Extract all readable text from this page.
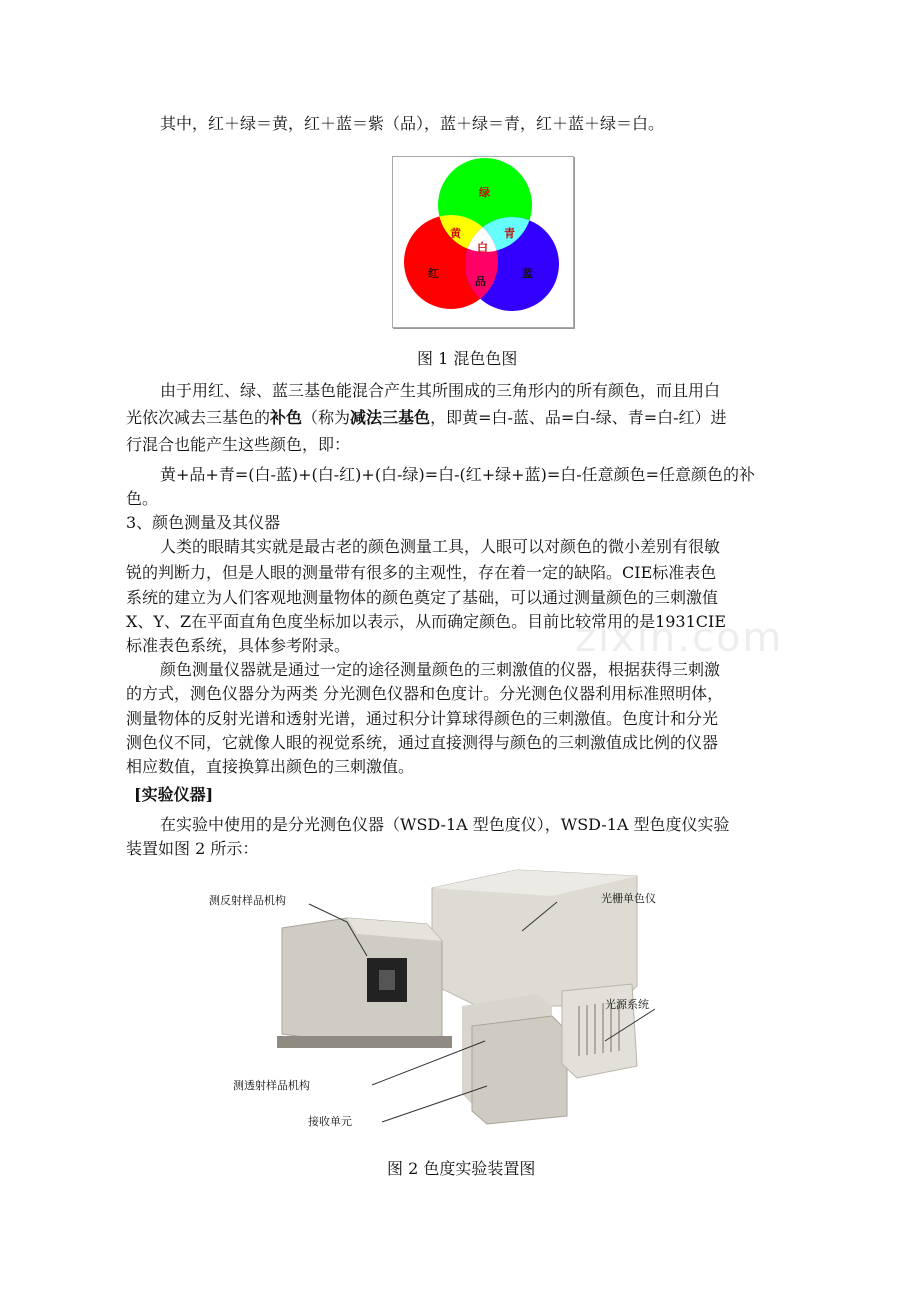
其中，红＋绿＝黄，红＋蓝＝紫（品），蓝＋绿＝青，红＋蓝＋绿＝白。
绿
黄	青
白
红
品
蓝
图 1 混色色图
由于用红、绿、蓝三基色能混合产生其所围成的三角形内的所有颜色，而且用白
光依次减去三基色的补色（称为减法三基色，即黄=白-蓝、品=白-绿、青=白-红）进
行混合也能产生这些颜色，即：
黄+品+青=(白-蓝)+(白-红)+(白-绿)=白-(红+绿+蓝)=白-任意颜色=任意颜色的补
色。
3、颜色测量及其仪器
人类的眼睛其实就是最古老的颜色测量工具，人眼可以对颜色的微小差别有很敏
锐的判断力，但是人眼的测量带有很多的主观性，存在着一定的缺陷。CIE标准表色
系统的建立为人们客观地测量物体的颜色奠定了基础，可以通过测量颜色的三刺激值
X、Y、Z在平面直角色度坐标加以表示，从而确定颜色。目前比较常用的是1931CIE
标准表色系统，具体参考附录。	zixin.com
颜色测量仪器就是通过一定的途径测量颜色的三刺激值的仪器，根据获得三刺激
的方式，测色仪器分为两类 分光测色仪器和色度计。分光测色仪器利用标准照明体，
测量物体的反射光谱和透射光谱，通过积分计算球得颜色的三刺激值。色度计和分光
测色仪不同，它就像人眼的视觉系统，通过直接测得与颜色的三刺激值成比例的仪器
相应数值，直接换算出颜色的三刺激值。
[实验仪器]
在实验中使用的是分光测色仪器（WSD-1A 型色度仪），WSD-1A 型色度仪实验
装置如图 2 所示：
测反射样品机构	光栅单色仪
光源系统
测透射样品机构
接收单元
图 2 色度实验装置图
